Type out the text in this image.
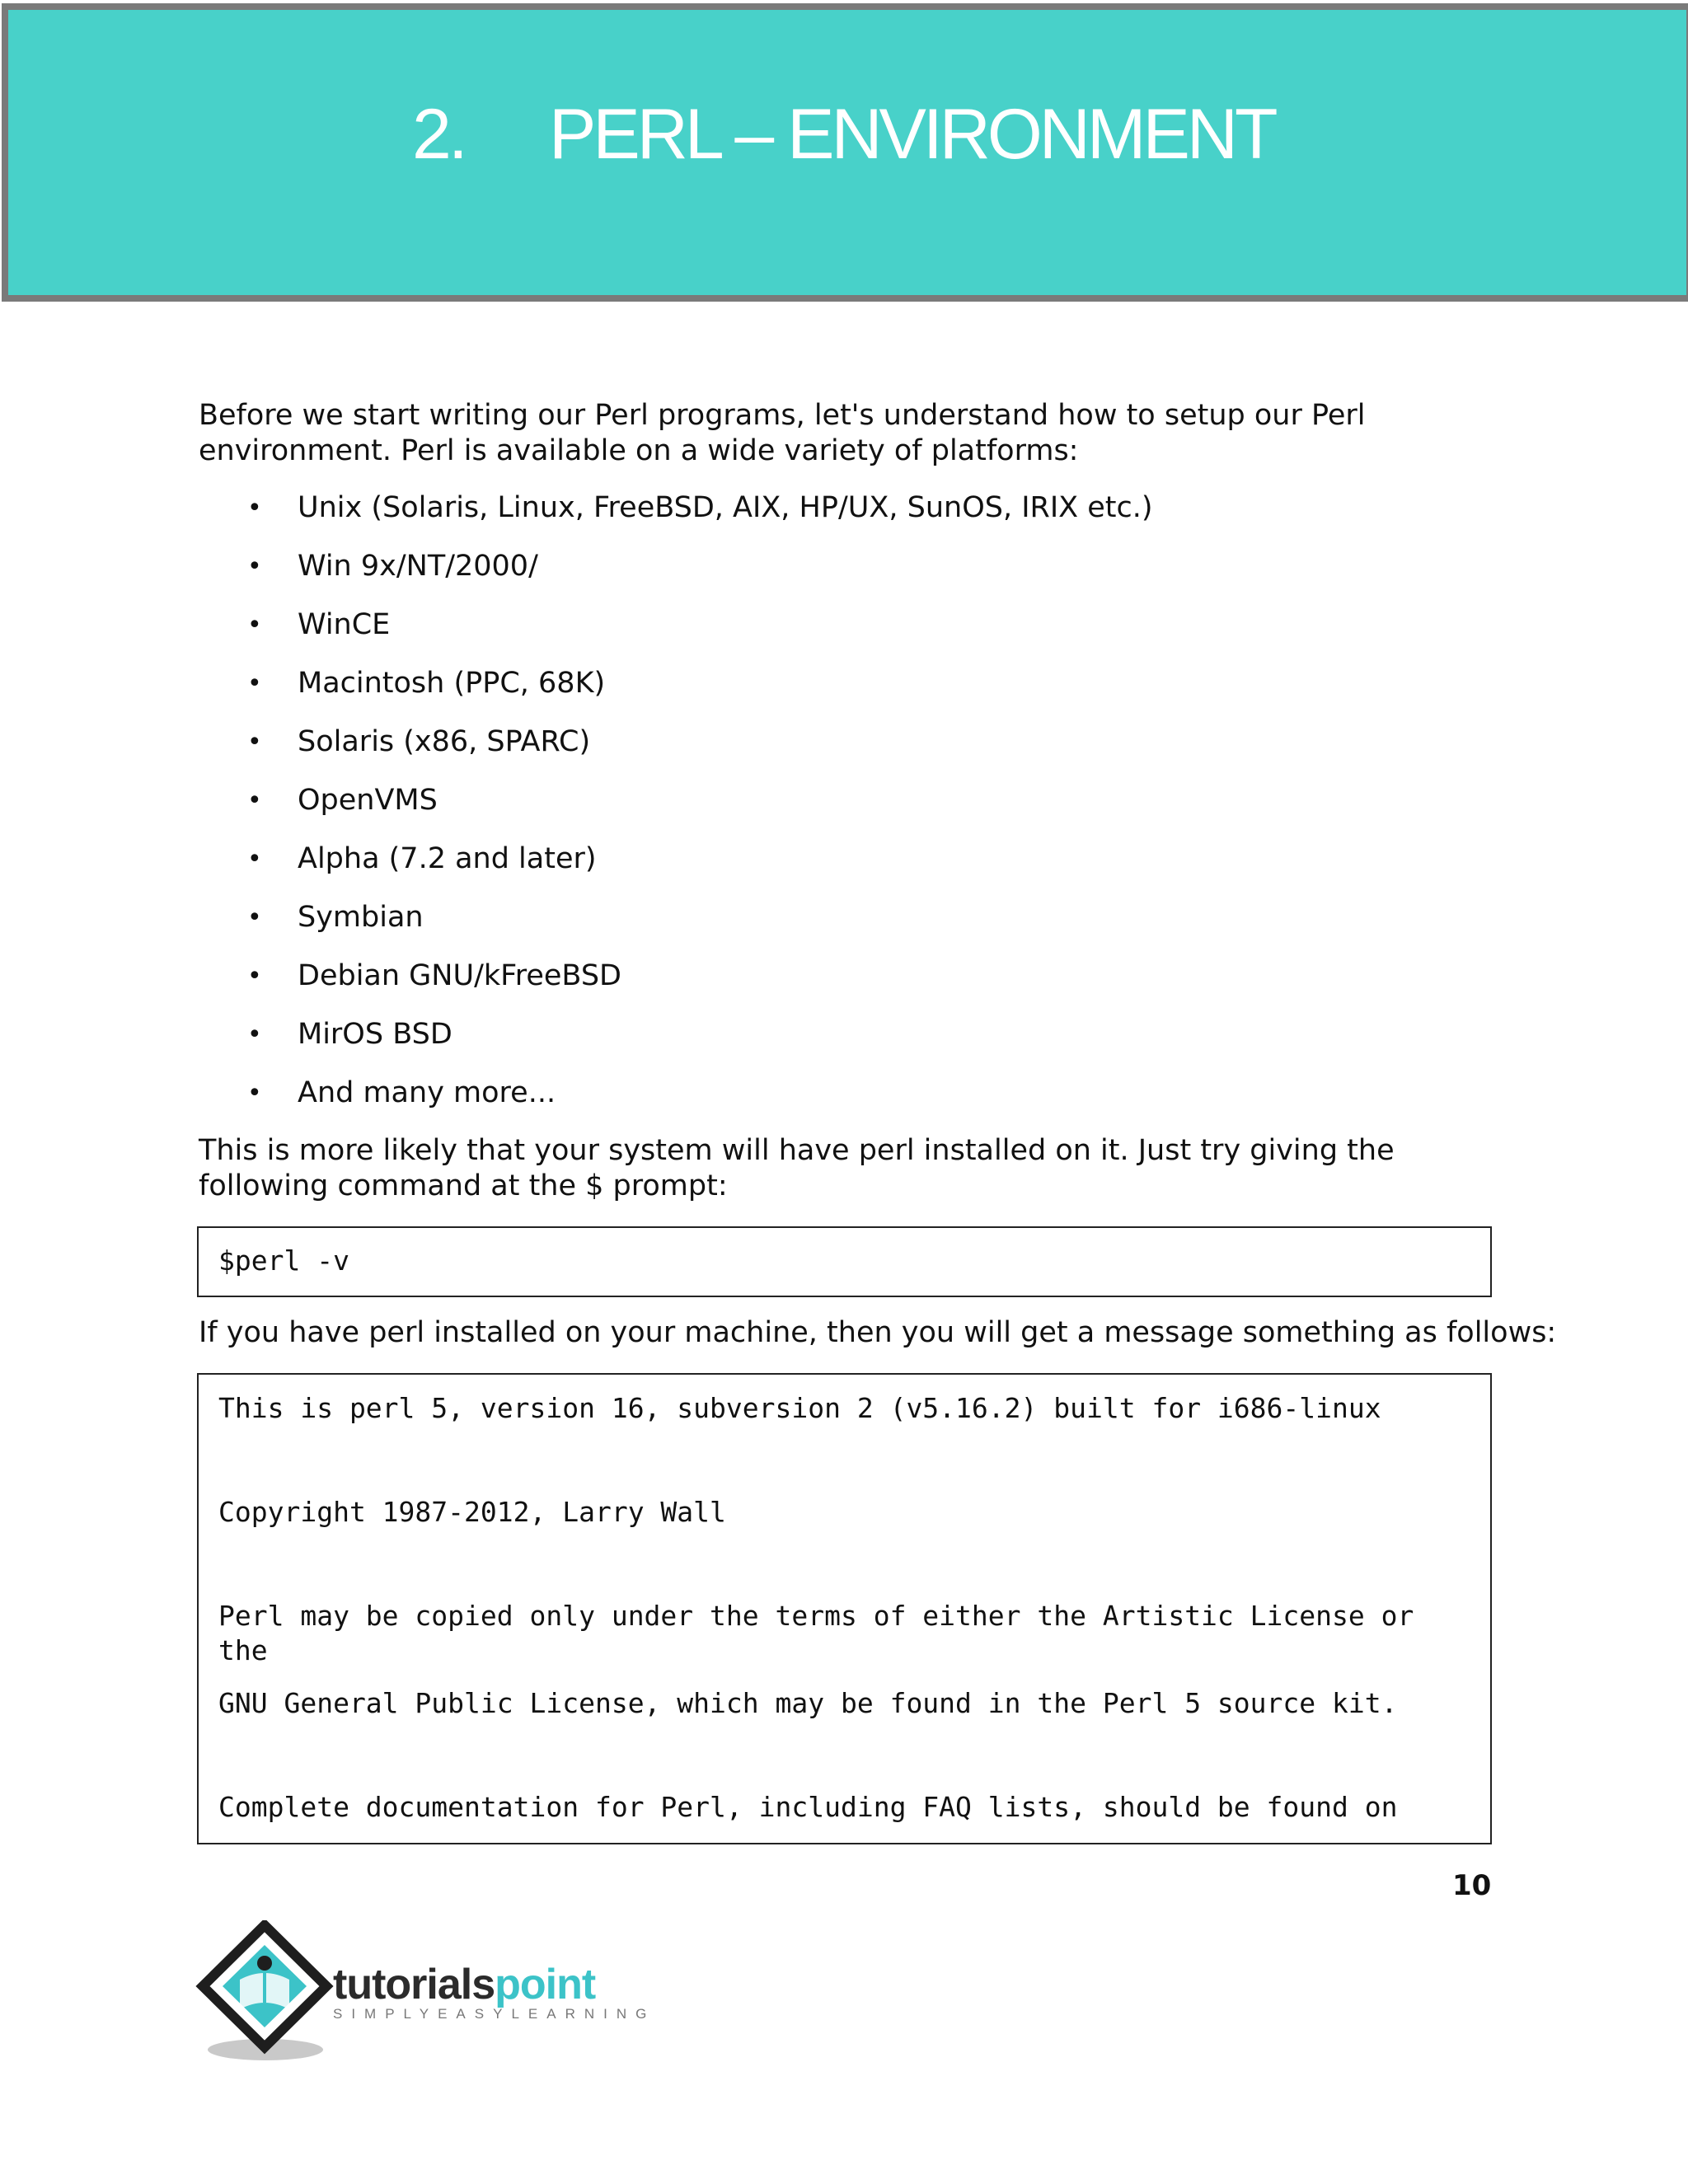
2. PERL – ENVIRONMENT

Before we start writing our Perl programs, let's understand how to setup our Perl environment. Perl is available on a wide variety of platforms:

• Unix (Solaris, Linux, FreeBSD, AIX, HP/UX, SunOS, IRIX etc.)
• Win 9x/NT/2000/
• WinCE
• Macintosh (PPC, 68K)
• Solaris (x86, SPARC)
• OpenVMS
• Alpha (7.2 and later)
• Symbian
• Debian GNU/kFreeBSD
• MirOS BSD
• And many more...

This is more likely that your system will have perl installed on it. Just try giving the following command at the $ prompt:

$perl -v

If you have perl installed on your machine, then you will get a message something as follows:

This is perl 5, version 16, subversion 2 (v5.16.2) built for i686-linux
Copyright 1987-2012, Larry Wall
Perl may be copied only under the terms of either the Artistic License or
the
GNU General Public License, which may be found in the Perl 5 source kit.
Complete documentation for Perl, including FAQ lists, should be found on
10
tutorialspoint
SIMPLYEASYLEARNING
